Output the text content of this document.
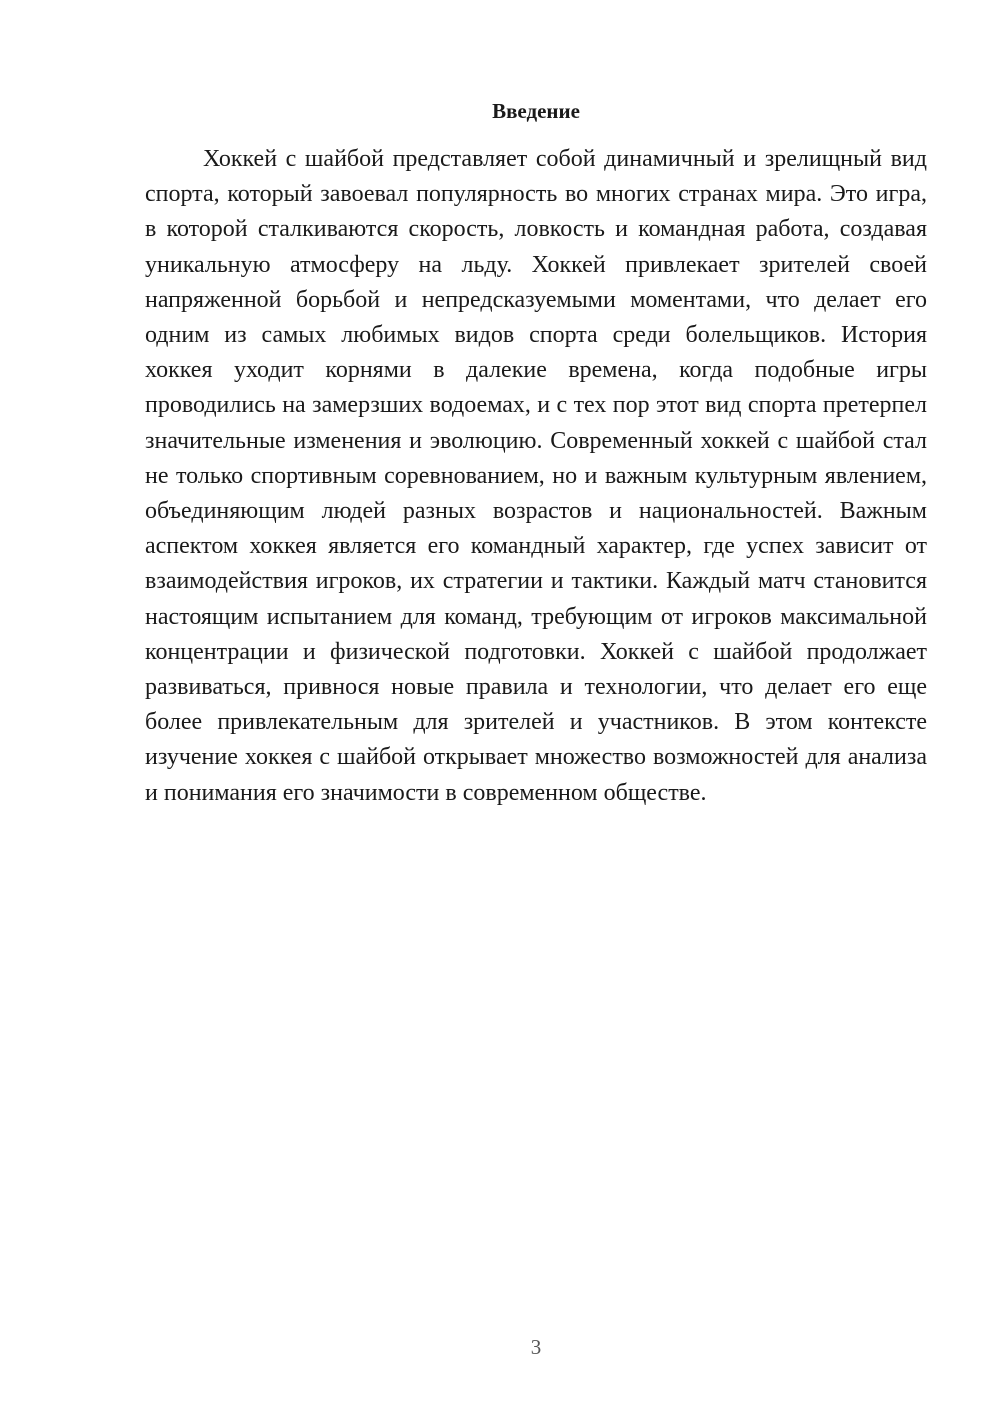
Введение

Хоккей с шайбой представляет собой динамичный и зрелищный вид спорта, который завоевал популярность во многих странах мира. Это игра, в которой сталкиваются скорость, ловкость и командная работа, создавая уникальную атмосферу на льду. Хоккей привлекает зрителей своей напряженной борьбой и непредсказуемыми моментами, что делает его одним из самых любимых видов спорта среди болельщиков. История хоккея уходит корнями в далекие времена, когда подобные игры проводились на замерзших водоемах, и с тех пор этот вид спорта претерпел значительные изменения и эволюцию. Современный хоккей с шайбой стал не только спортивным соревнованием, но и важным культурным явлением, объединяющим людей разных возрастов и национальностей. Важным аспектом хоккея является его командный характер, где успех зависит от взаимодействия игроков, их стратегии и тактики. Каждый матч становится настоящим испытанием для команд, требующим от игроков максимальной концентрации и физической подготовки. Хоккей с шайбой продолжает развиваться, привнося новые правила и технологии, что делает его еще более привлекательным для зрителей и участников. В этом контексте изучение хоккея с шайбой открывает множество возможностей для анализа и понимания его значимости в современном обществе.

3
